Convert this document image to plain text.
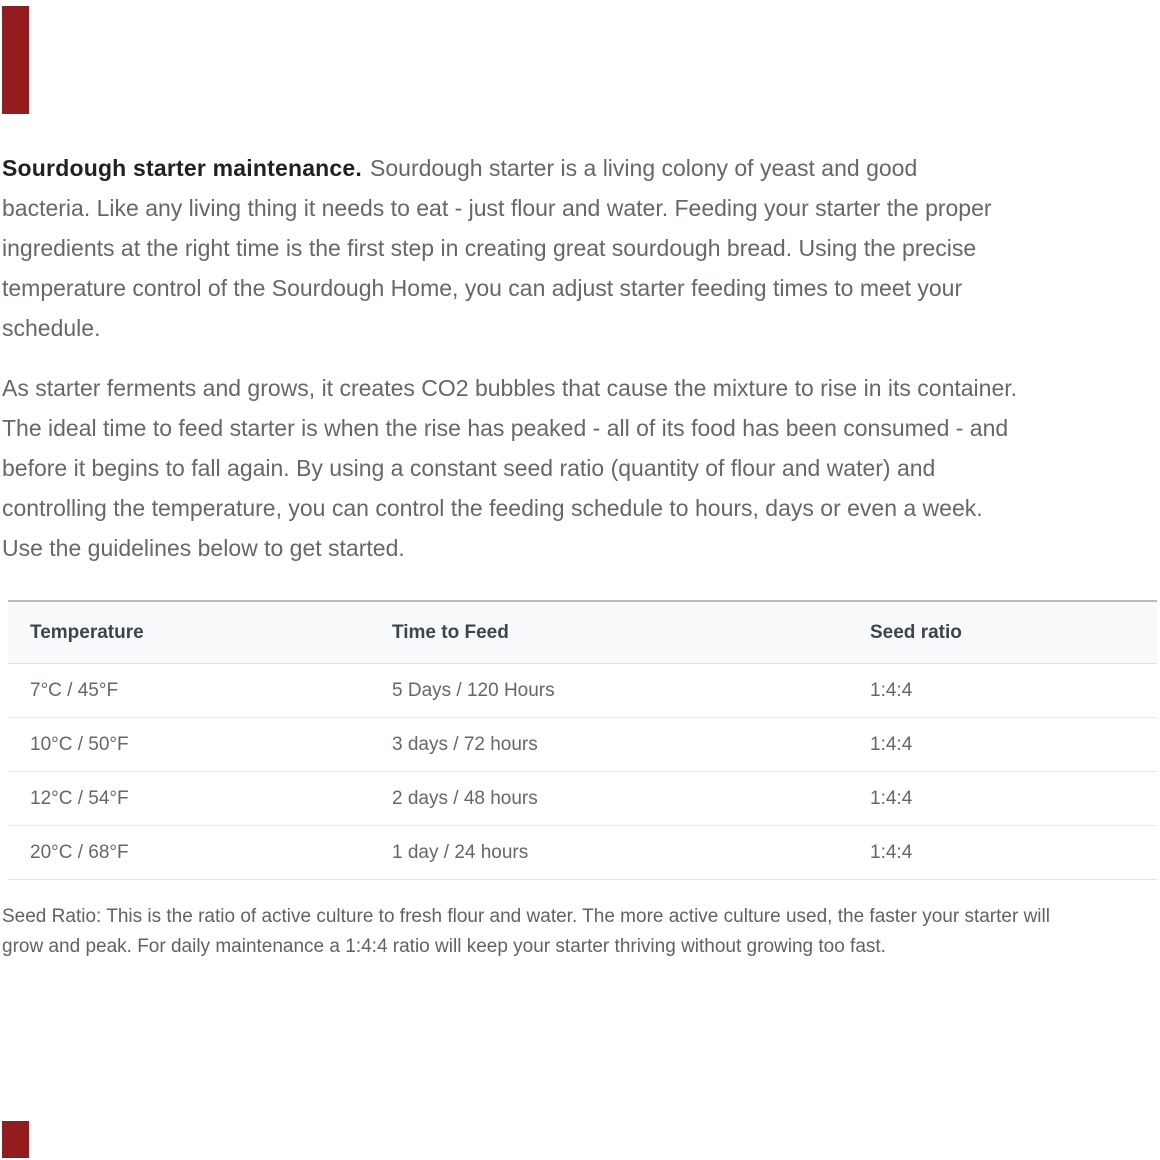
Sourdough starter maintenance. Sourdough starter is a living colony of yeast and good
bacteria. Like any living thing it needs to eat - just flour and water. Feeding your starter the proper
ingredients at the right time is the first step in creating great sourdough bread. Using the precise
temperature control of the Sourdough Home, you can adjust starter feeding times to meet your
schedule.
As starter ferments and grows, it creates CO2 bubbles that cause the mixture to rise in its container.
The ideal time to feed starter is when the rise has peaked - all of its food has been consumed - and
before it begins to fall again. By using a constant seed ratio (quantity of flour and water) and
controlling the temperature, you can control the feeding schedule to hours, days or even a week.
Use the guidelines below to get started.
Temperature	Time to Feed	Seed ratio
7°C / 45°F	5 Days / 120 Hours	1:4:4
10°C / 50°F	3 days / 72 hours	1:4:4
12°C / 54°F	2 days / 48 hours	1:4:4
20°C / 68°F	1 day / 24 hours	1:4:4
Seed Ratio: This is the ratio of active culture to fresh flour and water. The more active culture used, the faster your starter will
grow and peak. For daily maintenance a 1:4:4 ratio will keep your starter thriving without growing too fast.
